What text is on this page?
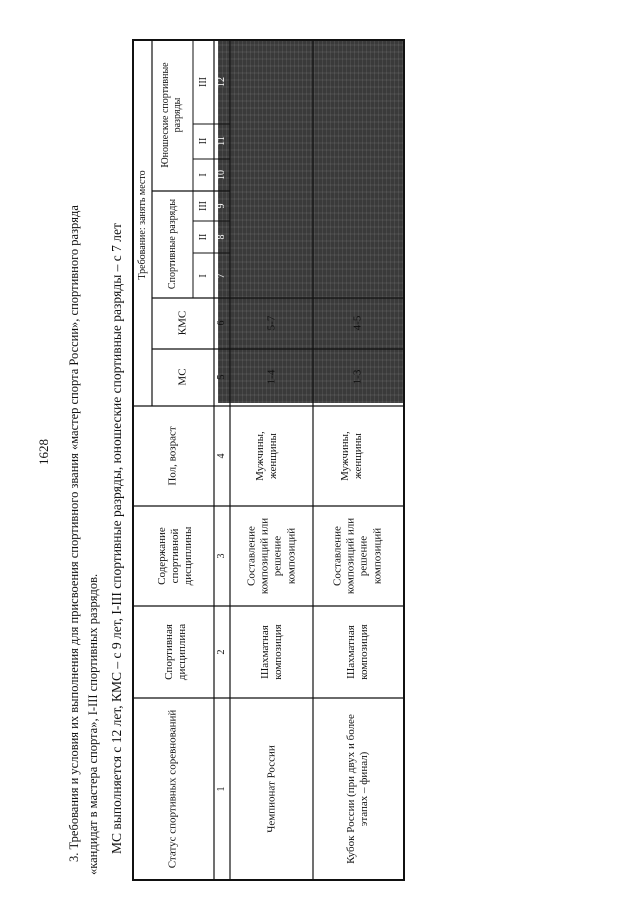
1628 3. Требования и условия их выполнения для присвоения спортивного звания «мастер спорта России», спортивного разряда «кандидат в мастера спорта», I-III спортивных разрядов. МС выполняется с 12 лет, КМС – с 9 лет, I-III спортивные разряды, юношеские спортивные разряды – с 7 лет	Статус спортивных соревнований
Спортивная дисциплина
Содержание спортивной дисциплины
Пол, возраст
Требование: занять место
МС
КМС
Спортивные разряды
Юношеские спортивные разряды
I
II
III
I
II
III
1
2
3
4
5
6
7
8
9
10
11
12
Чемпионат России
Шахматная композиция
Составление композиций или решение композиций
Мужчины, женщины
1-4
5-7
Кубок России (при двух и более этапах – финал)
Шахматная композиция
Составление композиций или решение композиций
Мужчины, женщины
1-3
4-5
